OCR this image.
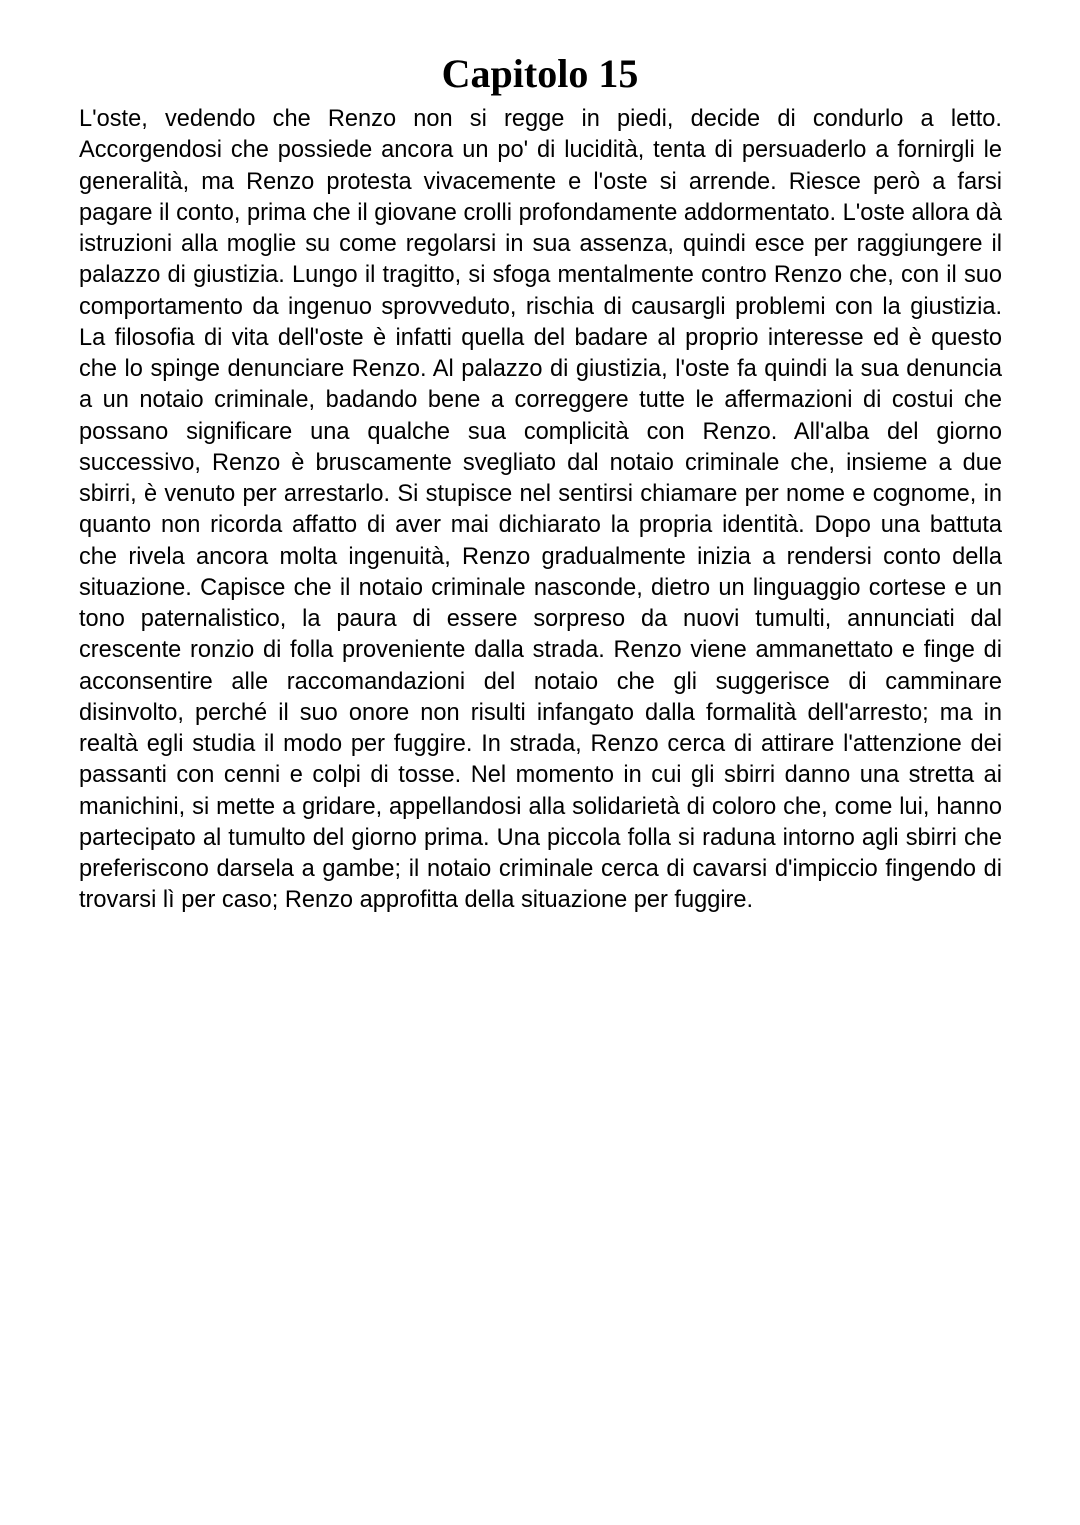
Capitolo 15

L'oste, vedendo che Renzo non si regge in piedi, decide di condurlo a letto. Accorgendosi che possiede ancora un po' di lucidità, tenta di persuaderlo a fornirgli le generalità, ma Renzo protesta vivacemente e l'oste si arrende. Riesce però a farsi pagare il conto, prima che il giovane crolli profondamente addormentato. L'oste allora dà istruzioni alla moglie su come regolarsi in sua assenza, quindi esce per raggiungere il palazzo di giustizia. Lungo il tragitto, si sfoga mentalmente contro Renzo che, con il suo comportamento da ingenuo sprovveduto, rischia di causargli problemi con la giustizia. La filosofia di vita dell'oste è infatti quella del badare al proprio interesse ed è questo che lo spinge denunciare Renzo. Al palazzo di giustizia, l'oste fa quindi la sua denuncia a un notaio criminale, badando bene a correggere tutte le affermazioni di costui che possano significare una qualche sua complicità con Renzo. All'alba del giorno successivo, Renzo è bruscamente svegliato dal notaio criminale che, insieme a due sbirri, è venuto per arrestarlo. Si stupisce nel sentirsi chiamare per nome e cognome, in quanto non ricorda affatto di aver mai dichiarato la propria identità. Dopo una battuta che rivela ancora molta ingenuità, Renzo gradualmente inizia a rendersi conto della situazione. Capisce che il notaio criminale nasconde, dietro un linguaggio cortese e un tono paternalistico, la paura di essere sorpreso da nuovi tumulti, annunciati dal crescente ronzio di folla proveniente dalla strada. Renzo viene ammanettato e finge di acconsentire alle raccomandazioni del notaio che gli suggerisce di camminare disinvolto, perché il suo onore non risulti infangato dalla formalità dell'arresto; ma in realtà egli studia il modo per fuggire. In strada, Renzo cerca di attirare l'attenzione dei passanti con cenni e colpi di tosse. Nel momento in cui gli sbirri danno una stretta ai manichini, si mette a gridare, appellandosi alla solidarietà di coloro che, come lui, hanno partecipato al tumulto del giorno prima. Una piccola folla si raduna intorno agli sbirri che preferiscono darsela a gambe; il notaio criminale cerca di cavarsi d'impiccio fingendo di trovarsi lì per caso; Renzo approfitta della situazione per fuggire.
